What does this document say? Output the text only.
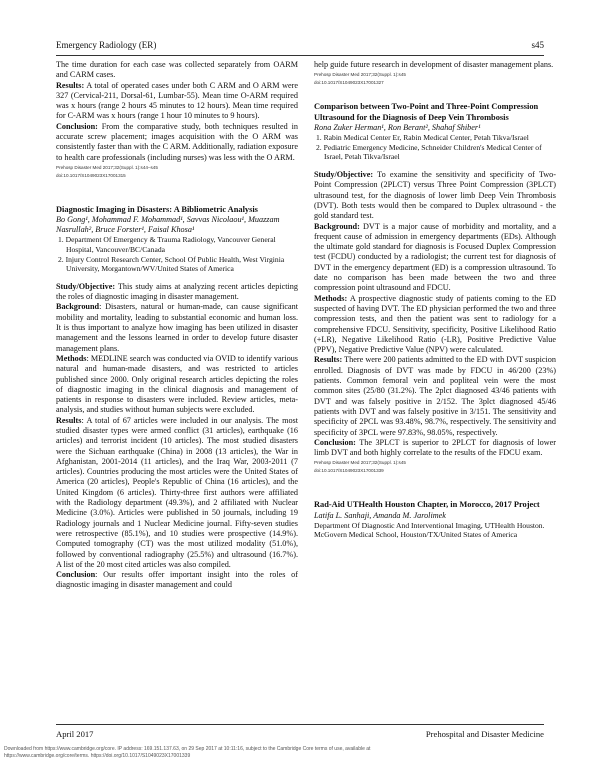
Emergency Radiology (ER)	s45

The time duration for each case was collected separately from OARM and CARM cases.

Results: A total of operated cases under both C ARM and O ARM were 327 (Cervical-211, Dorsal-61, Lumbar-55). Mean time O-ARM required was x hours (range 2 hours 45 minutes to 12 hours). Mean time required for C-ARM was x hours (range 1 hour 10 minutes to 9 hours).

Conclusion: From the comparative study, both techniques resulted in accurate screw placement; images acquisition with the O ARM was consistently faster than with the C ARM. Additionally, radiation exposure to health care professionals (including nurses) was less with the O ARM.

Prehosp Disaster Med 2017;32(Suppl. 1):s44–s45
doi:10.1017/S1049023X17001315
Diagnostic Imaging in Disasters: A Bibliometric Analysis
Bo Gong¹, Mohammad F. Mohammad¹, Savvas Nicolaou¹, Muazzam Nasrullah², Bruce Forster¹, Faisal Khosa¹
1. Department Of Emergency & Trauma Radiology, Vancouver General Hospital, Vancouver/BC/Canada
2. Injury Control Research Center, School Of Public Health, West Virginia University, Morgantown/WV/United States of America

Study/Objective: This study aims at analyzing recent articles depicting the roles of diagnostic imaging in disaster management.

Background: Disasters, natural or human-made, can cause significant mobility and mortality, leading to substantial economic and human loss. It is thus important to analyze how imaging has been utilized in disaster management and the lessons learned in order to develop future disaster management plans.

Methods: MEDLINE search was conducted via OVID to identify various natural and human-made disasters, and was restricted to articles published since 2000. Only original research articles depicting the roles of diagnostic imaging in the clinical diagnosis and management of patients in response to disasters were included. Review articles, meta-analysis, and studies without human subjects were excluded.

Results: A total of 67 articles were included in our analysis. The most studied disaster types were armed conflict (31 articles), earthquake (16 articles) and terrorist incident (10 articles). The most studied disasters were the Sichuan earthquake (China) in 2008 (13 articles), the War in Afghanistan, 2001-2014 (11 articles), and the Iraq War, 2003-2011 (7 articles). Countries producing the most articles were the United States of America (20 articles), People's Republic of China (16 articles), and the United Kingdom (6 articles). Thirty-three first authors were affiliated with the Radiology department (49.3%), and 2 affiliated with Nuclear Medicine (3.0%). Articles were published in 50 journals, including 19 Radiology journals and 1 Nuclear Medicine journal. Fifty-seven studies were retrospective (85.1%), and 10 studies were prospective (14.9%). Computed tomography (CT) was the most utilized modality (51.0%), followed by conventional radiography (25.5%) and ultrasound (16.7%). A list of the 20 most cited articles was also compiled.

Conclusion: Our results offer important insight into the roles of diagnostic imaging in disaster management and could

help guide future research in development of disaster management plans.

Prehosp Disaster Med 2017;32(Suppl. 1):s45
doi:10.1017/S1049023X17001327
Comparison between Two-Point and Three-Point Compression Ultrasound for the Diagnosis of Deep Vein Thrombosis
Rona Zuker Herman¹, Ron Berant², Shahaf Shiber¹
1. Rabin Medical Center Er, Rabin Medical Center, Petah Tikva/Israel
2. Pediatric Emergency Medicine, Schneider Children's Medical Center of Israel, Petah Tikva/Israel

Study/Objective: To examine the sensitivity and specificity of Two-Point Compression (2PLCT) versus Three Point Compression (3PLCT) ultrasound test, for the diagnosis of lower limb Deep Vein Thrombosis (DVT). Both tests would then be compared to Duplex ultrasound - the gold standard test.

Background: DVT is a major cause of morbidity and mortality, and a frequent cause of admission in emergency departments (EDs). Although the ultimate gold standard for diagnosis is Focused Duplex Compression test (FCDU) conducted by a radiologist; the current test for diagnosis of DVT in the emergency department (ED) is a compression ultrasound. To date no comparison has been made between the two and three compression point ultrasound and FDCU.

Methods: A prospective diagnostic study of patients coming to the ED suspected of having DVT. The ED physician performed the two and three compression tests, and then the patient was sent to radiology for a comprehensive FDCU. Sensitivity, specificity, Positive Likelihood Ratio (+LR), Negative Likelihood Ratio (-LR), Positive Predictive Value (PPV), Negative Predictive Value (NPV) were calculated.

Results: There were 200 patients admitted to the ED with DVT suspicion enrolled. Diagnosis of DVT was made by FDCU in 46/200 (23%) patients. Common femoral vein and popliteal vein were the most common sites (25/80 (31.2%). The 2plct diagnosed 43/46 patients with DVT and was falsely positive in 2/152. The 3plct diagnosed 45/46 patients with DVT and was falsely positive in 3/151. The sensitivity and specificity of 2PCL was 93.48%, 98.7%, respectively. The sensitivity and specificity of 3PCL were 97.83%, 98.05%, respectively.

Conclusion: The 3PLCT is superior to 2PLCT for diagnosis of lower limb DVT and both highly correlate to the results of the FDCU exam.

Prehosp Disaster Med 2017;32(Suppl. 1):s45
doi:10.1017/S1049023X17001339
Rad-Aid UTHealth Houston Chapter, in Morocco, 2017 Project
Latifa L. Sanhaji, Amanda M. Jarolimek
Department Of Diagnostic And Interventional Imaging, UTHealth Houston. McGovern Medical School, Houston/TX/United States of America
April 2017	Prehospital and Disaster Medicine
Downloaded from https://www.cambridge.org/core. IP address: 169.151.137.63, on 29 Sep 2017 at 10:11:16, subject to the Cambridge Core terms of use, available at
https://www.cambridge.org/core/terms. https://doi.org/10.1017/S1049023X17001339
